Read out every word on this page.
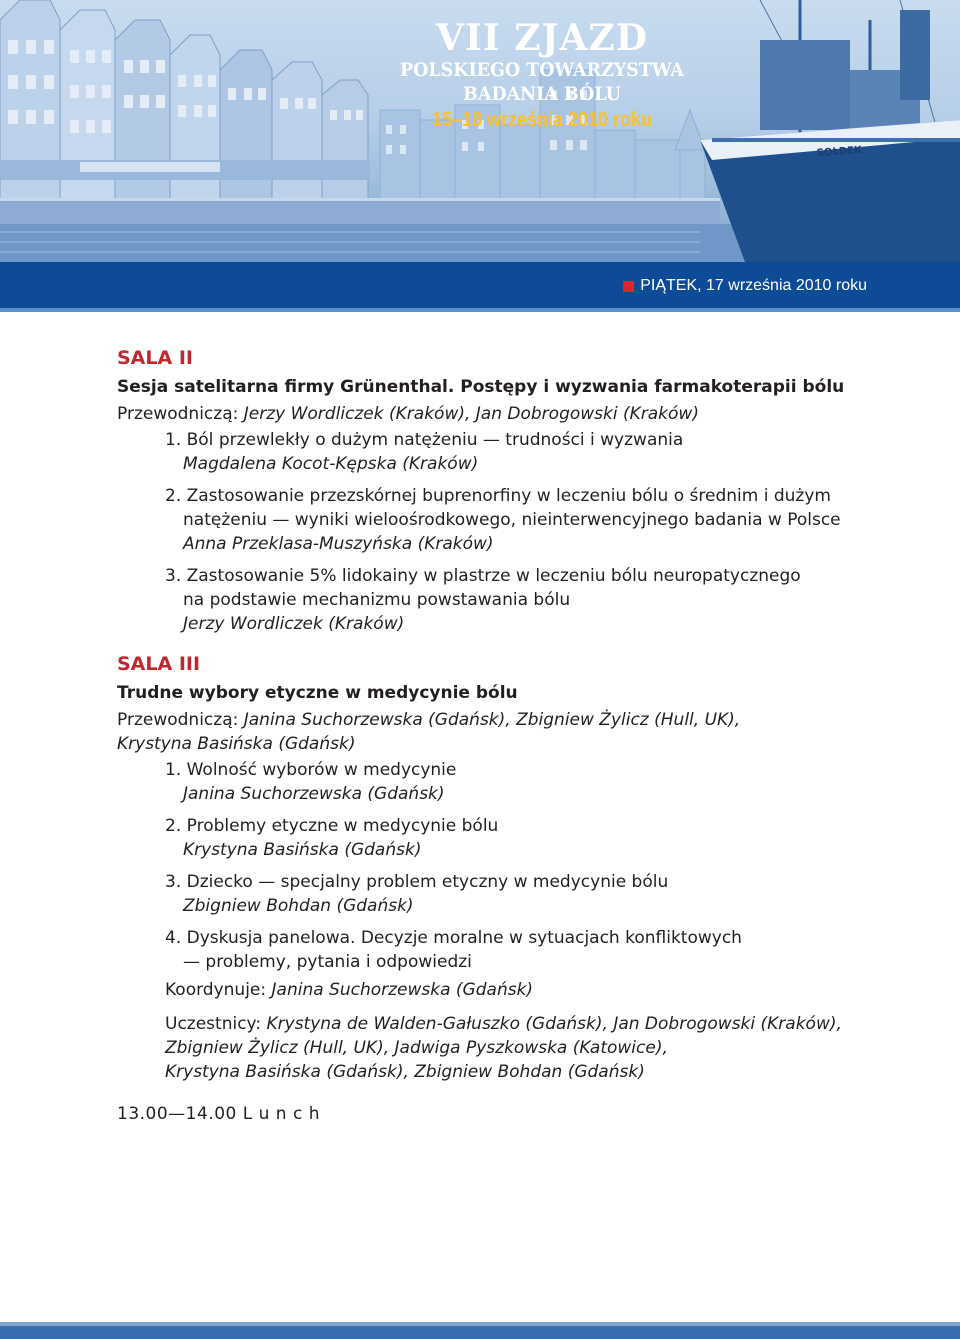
SOŁDEK
VII ZJAZD
POLSKIEGO TOWARZYSTWA BADANIA BÓLU
15–18 września 2010 roku
PIĄTEK, 17 września 2010 roku
SALA II
Sesja satelitarna firmy Grünenthal. Postępy i wyzwania farmakoterapii bólu
Przewodniczą: Jerzy Wordliczek (Kraków), Jan Dobrogowski (Kraków)
1. Ból przewlekły o dużym natężeniu — trudności i wyzwania
Magdalena Kocot-Kępska (Kraków)
2. Zastosowanie przezskórnej buprenorfiny w leczeniu bólu o średnim i dużym
natężeniu — wyniki wieloośrodkowego, nieinterwencyjnego badania w Polsce
Anna Przeklasa-Muszyńska (Kraków)
3. Zastosowanie 5% lidokainy w plastrze w leczeniu bólu neuropatycznego
na podstawie mechanizmu powstawania bólu
Jerzy Wordliczek (Kraków)
SALA III
Trudne wybory etyczne w medycynie bólu
Przewodniczą: Janina Suchorzewska (Gdańsk), Zbigniew Żylicz (Hull, UK),
Krystyna Basińska (Gdańsk)
1. Wolność wyborów w medycynie
Janina Suchorzewska (Gdańsk)
2. Problemy etyczne w medycynie bólu
Krystyna Basińska (Gdańsk)
3. Dziecko — specjalny problem etyczny w medycynie bólu
Zbigniew Bohdan (Gdańsk)
4. Dyskusja panelowa. Decyzje moralne w sytuacjach konfliktowych
— problemy, pytania i odpowiedzi
Koordynuje: Janina Suchorzewska (Gdańsk)
Uczestnicy: Krystyna de Walden-Gałuszko (Gdańsk), Jan Dobrogowski (Kraków),
Zbigniew Żylicz (Hull, UK), Jadwiga Pyszkowska (Katowice),
Krystyna Basińska (Gdańsk), Zbigniew Bohdan (Gdańsk)
13.00—14.00 L u n c h
